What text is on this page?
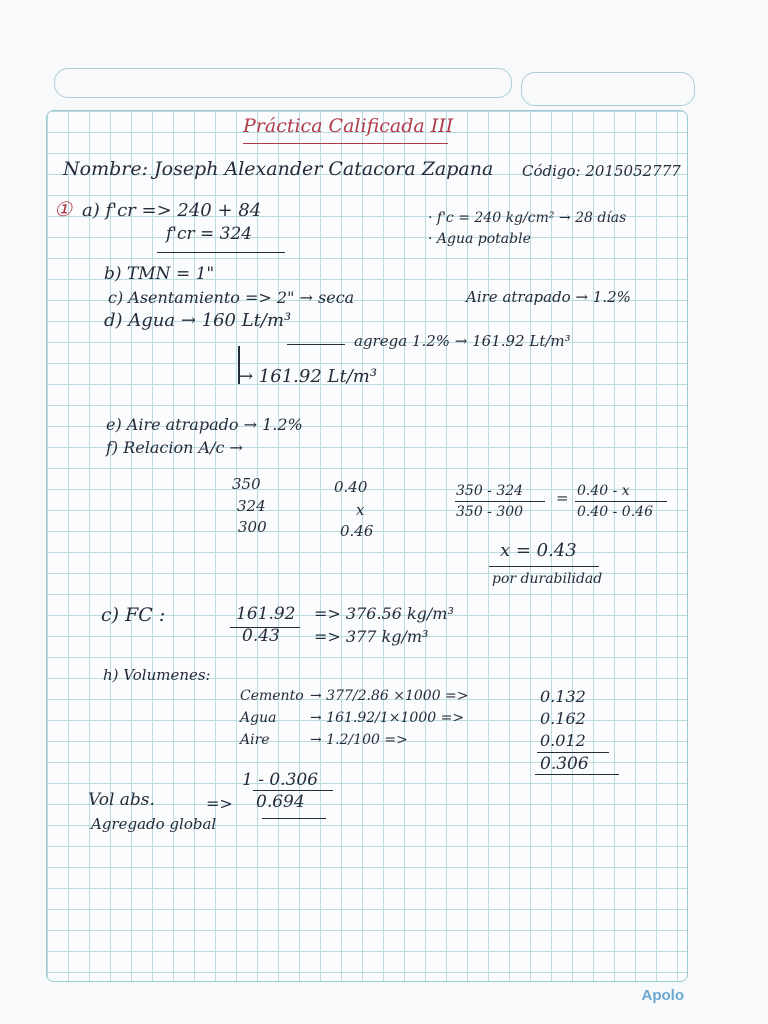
Práctica Calificada III
Nombre: Joseph Alexander Catacora Zapana Código: 2015052777
① a) f'cr => 240 + 84
f'cr = 324
· f'c = 240 kg/cm² → 28 días
· Agua potable
b) TMN = 1"
c) Asentamiento => 2" → seca	Aire atrapado → 1.2%
d) Agua → 160 Lt/m³
agrega 1.2% → 161.92 Lt/m³
→ 161.92 Lt/m³
e) Aire atrapado → 1.2%
f) Relacion A/c →
350	0.40
324	x
300	0.46
350 - 324
350 - 300
= 0.40 - x
0.40 - 0.46
x = 0.43
por durabilidad
c) FC :	161.92
0.43
=> 376.56 kg/m³
=> 377 kg/m³
h) Volumenes:
Cemento → 377/2.86 ×1000 =>	0.132
Agua → 161.92/1×1000 =>	0.162
Aire	→ 1.2/100 =>	0.012
0.306
1 - 0.306
Vol abs.
Agregado global
=> 0.694
Apolo
